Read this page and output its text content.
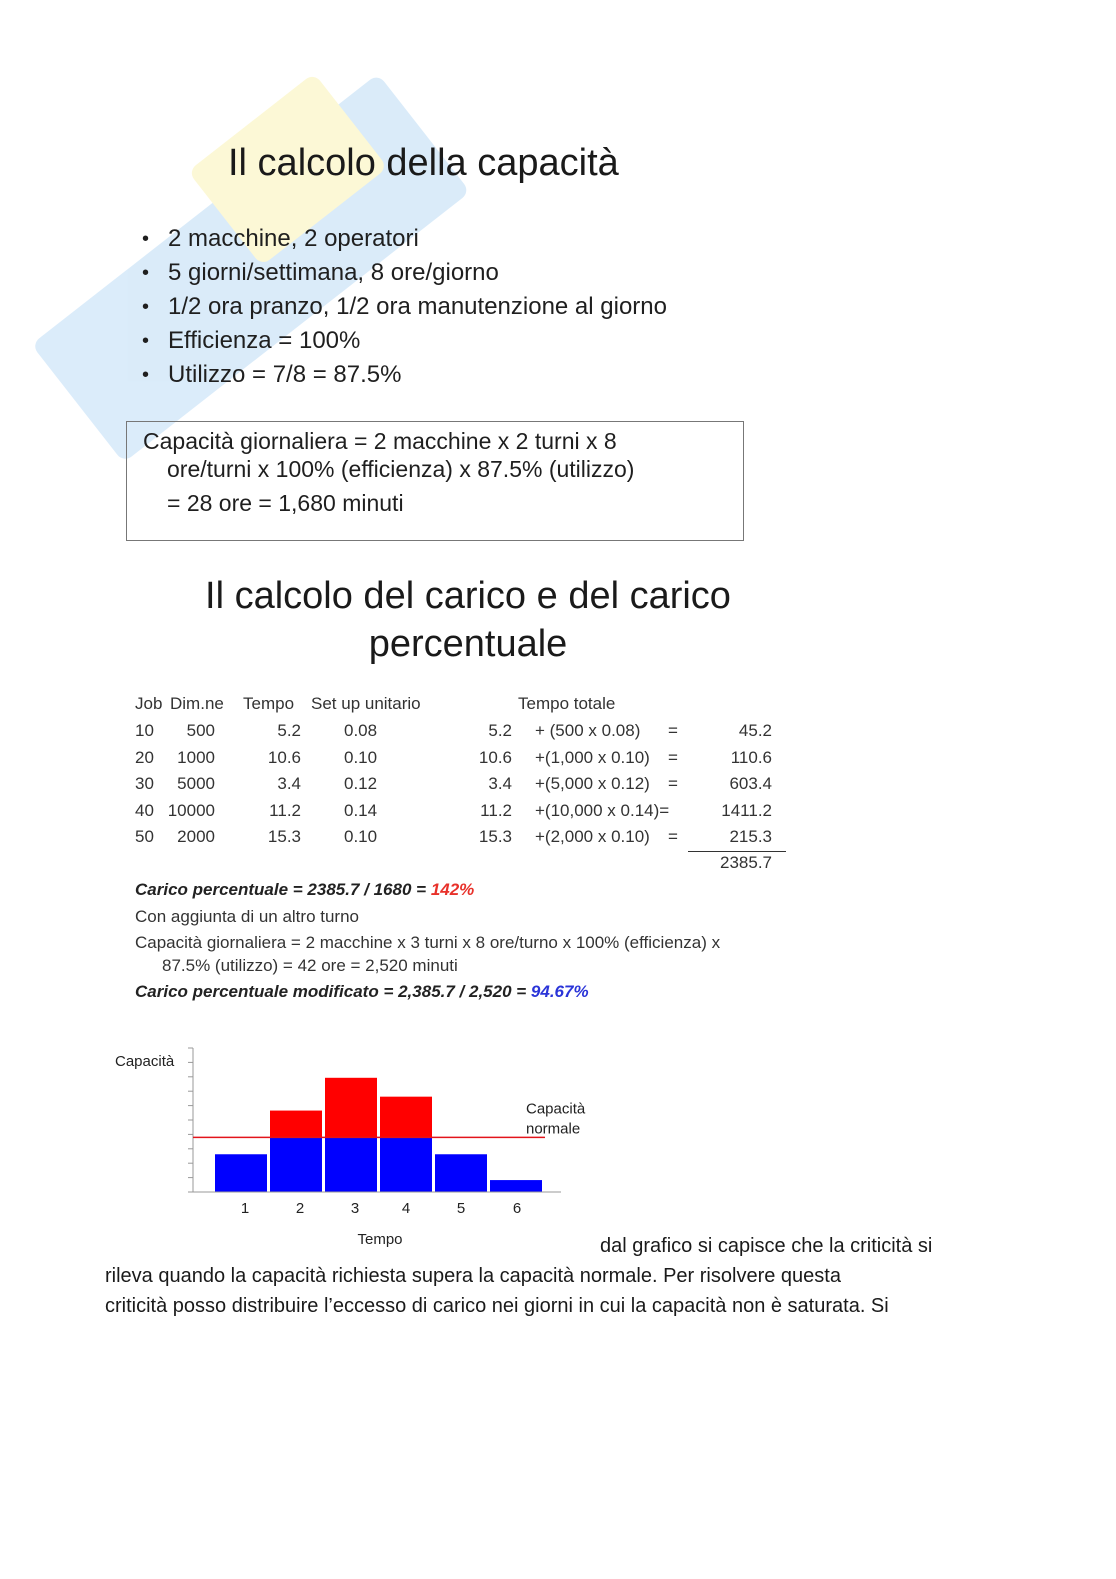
Il calcolo della capacità
• 2 macchine, 2 operatori
• 5 giorni/settimana, 8 ore/giorno
• 1/2 ora pranzo, 1/2 ora manutenzione al giorno
• Efficienza = 100%
• Utilizzo = 7/8 = 87.5%
Capacità giornaliera = 2 macchine x 2 turni x 8
ore/turni x 100% (efficienza) x 87.5% (utilizzo)
= 28 ore = 1,680 minuti
Il calcolo del carico e del carico
percentuale
Job Dim.ne Tempo Set up unitario	Tempo totale
10	500	5.2	0.08	5.2 + (500 x 0.08)	=	45.2
20	1000	10.6	0.10	10.6 +(1,000 x 0.10)	=	110.6
30	5000	3.4	0.12	3.4 +(5,000 x 0.12)	=	603.4
40 10000	11.2	0.14	11.2 +(10,000 x 0.14)=	1411.2
50	2000	15.3	0.10	15.3 +(2,000 x 0.10)	=	215.3
2385.7
Carico percentuale = 2385.7 / 1680 = 142%
Con aggiunta di un altro turno
Capacità giornaliera = 2 macchine x 3 turni x 8 ore/turno x 100% (efficienza) x
87.5% (utilizzo) = 42 ore = 2,520 minuti
Carico percentuale modificato = 2,385.7 / 2,520 = 94.67%
Capacità
Capacità
normale
1	2	3	4	5	6
Tempo	dal grafico si capisce che la criticità si
rileva quando la capacità richiesta supera la capacità normale. Per risolvere questa
criticità posso distribuire l’eccesso di carico nei giorni in cui la capacità non è saturata. Si
